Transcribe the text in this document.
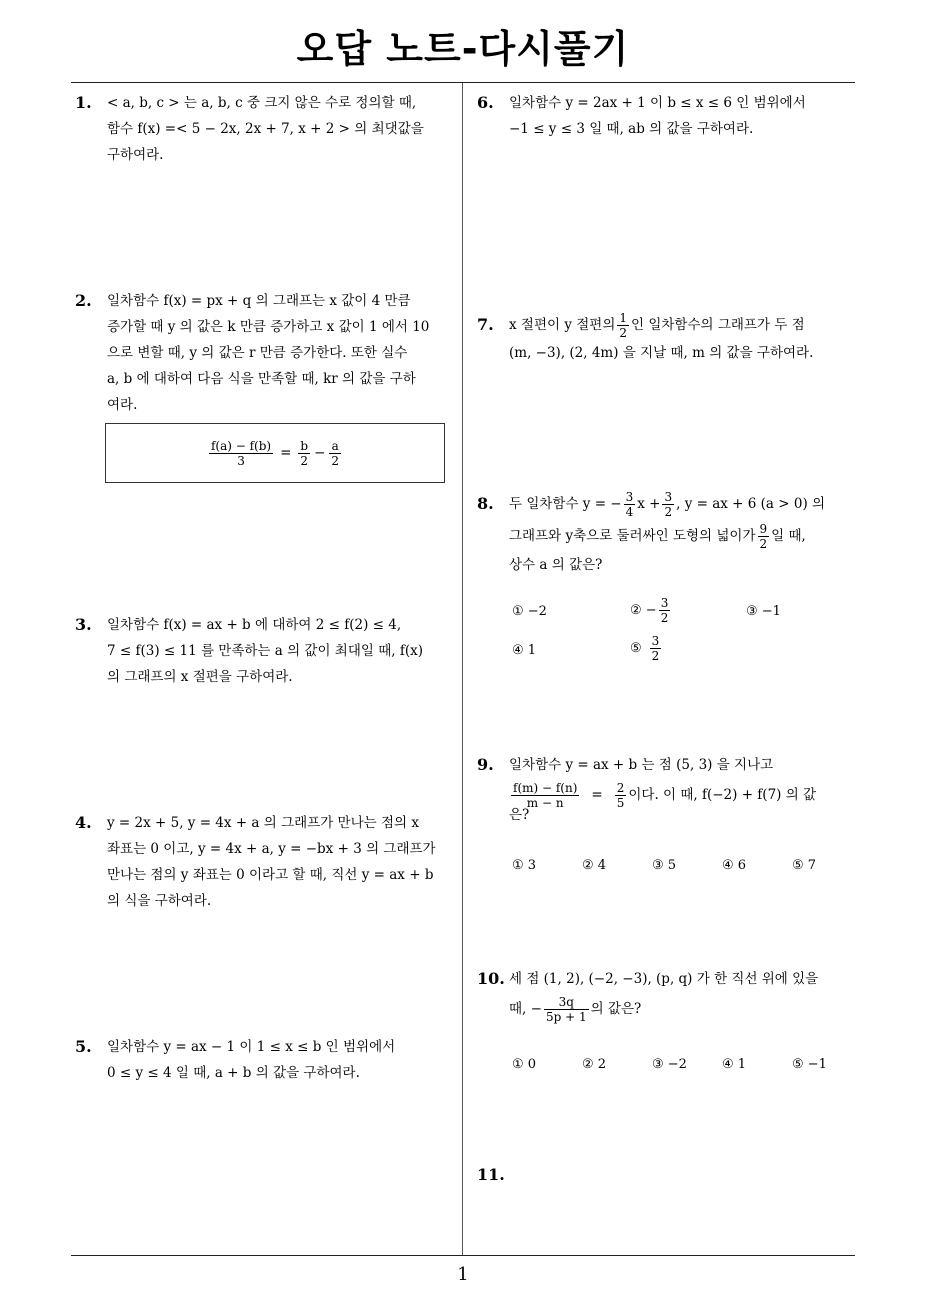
오답 노트-다시풀기
1
1. < a, b, c > 는 a, b, c 중 크지 않은 수로 정의할 때,
함수 f(x) =< 5 − 2x, 2x + 7, x + 2 > 의 최댓값을
구하여라.
2. 일차함수 f(x) = px + q 의 그래프는 x 값이 4 만큼
증가할 때 y 의 값은 k 만큼 증가하고 x 값이 1 에서 10
으로 변할 때, y 의 값은 r 만큼 증가한다. 또한 실수
a, b 에 대하여 다음 식을 만족할 때, kr 의 값을 구하
여라.
$\frac{f(a) - f(b)}{3} = \frac{b}{2} - \frac{a}{2}$
3. 일차함수 f(x) = ax + b 에 대하여 2 ≤ f(2) ≤ 4,
7 ≤ f(3) ≤ 11 를 만족하는 a 의 값이 최대일 때, f(x)
의 그래프의 x 절편을 구하여라.
4. y = 2x + 5, y = 4x + a 의 그래프가 만나는 점의 x
좌표는 0 이고, y = 4x + a, y = −bx + 3 의 그래프가
만나는 점의 y 좌표는 0 이라고 할 때, 직선 y = ax + b
의 식을 구하여라.
5. 일차함수 y = ax − 1 이 1 ≤ x ≤ b 인 범위에서
0 ≤ y ≤ 4 일 때, a + b 의 값을 구하여라.
6. 일차함수 y = 2ax + 1 이 b ≤ x ≤ 6 인 범위에서
−1 ≤ y ≤ 3 일 때, ab 의 값을 구하여라.
7. x 절편이 y 절편의 $\frac{1}{2}$ 인 일차함수의 그래프가 두 점
(m, −3), (2, 4m) 을 지날 때, m 의 값을 구하여라.
8. 두 일차함수 y = − $\frac{3}{4}$ $x + \frac{3}{2}$ , y = ax + 6 (a > 0) 의
그래프와 y축으로 둘러싸인 도형의 넓이가 $\frac{9}{2}$ 일 때,
상수 a 의 값은?
① −2	② − $\frac{3}{2}$	③ −1
④ 1	⑤ $\frac{3}{2}$
9. 일차함수 y = ax + b 는 점 (5, 3) 을 지나고
$\frac{f(m) - f(n)}{m - n} = \frac{2}{5}$ 이다. 이 때, f(−2) + f(7) 의 값
은?
① 3	② 4	③ 5	④ 6	⑤ 7
10. 세 점 (1, 2), (−2, −3), (p, q) 가 한 직선 위에 있을
때, − $\frac{3q}{5p + 1}$ 의 값은?
① 0	② 2	③ −2	④ 1	⑤ −1
11.
